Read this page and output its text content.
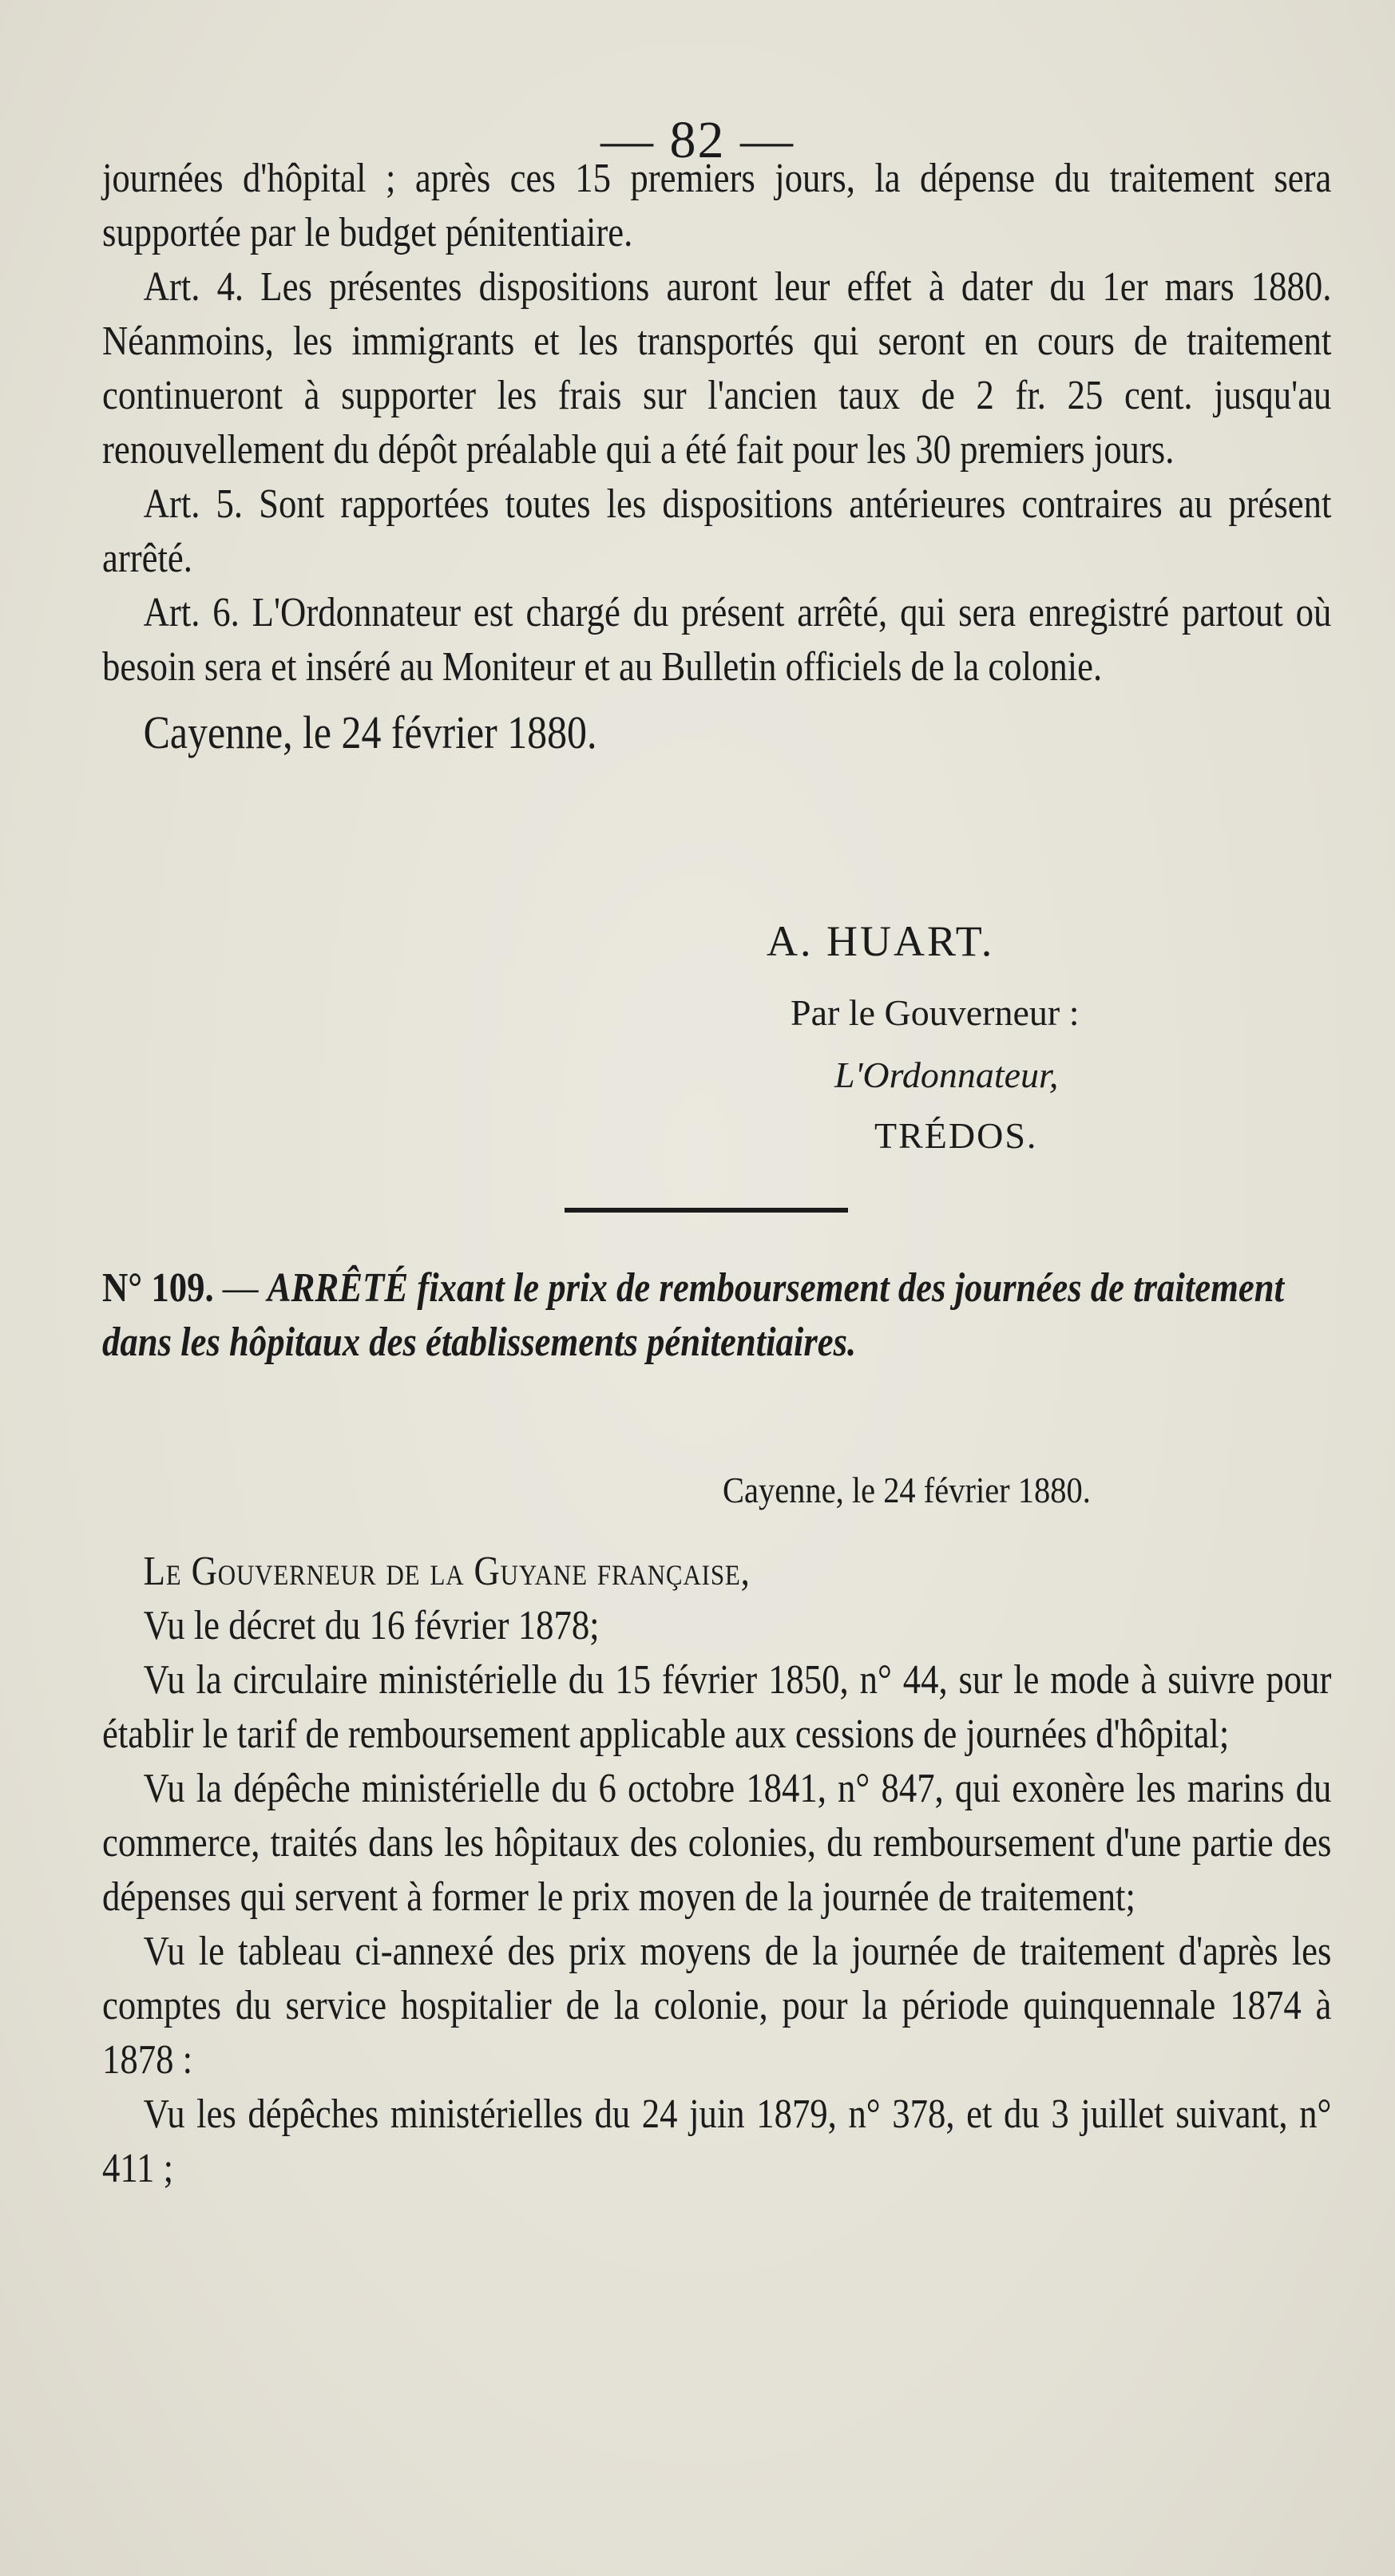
— 82 —

journées d'hôpital ; après ces 15 premiers jours, la dépense du traitement sera supportée par le budget pénitentiaire.

Art. 4. Les présentes dispositions auront leur effet à dater du 1er mars 1880. Néanmoins, les immigrants et les transportés qui seront en cours de traitement continueront à supporter les frais sur l'ancien taux de 2 fr. 25 cent. jusqu'au renouvellement du dépôt préalable qui a été fait pour les 30 premiers jours.

Art. 5. Sont rapportées toutes les dispositions antérieures contraires au présent arrêté.

Art. 6. L'Ordonnateur est chargé du présent arrêté, qui sera enregistré partout où besoin sera et inséré au Moniteur et au Bulletin officiels de la colonie.

Cayenne, le 24 février 1880.

A. HUART.
Par le Gouverneur :
L'Ordonnateur,
TRÉDOS.
N° 109. — ARRÊTÉ fixant le prix de remboursement des journées de traitement dans les hôpitaux des établissements pénitentiaires.
Cayenne, le 24 février 1880.

Le Gouverneur de la Guyane française,

Vu le décret du 16 février 1878;

Vu la circulaire ministérielle du 15 février 1850, n° 44, sur le mode à suivre pour établir le tarif de remboursement applicable aux cessions de journées d'hôpital;

Vu la dépêche ministérielle du 6 octobre 1841, n° 847, qui exonère les marins du commerce, traités dans les hôpitaux des colonies, du remboursement d'une partie des dépenses qui servent à former le prix moyen de la journée de traitement;

Vu le tableau ci-annexé des prix moyens de la journée de traitement d'après les comptes du service hospitalier de la colonie, pour la période quinquennale 1874 à 1878 :

Vu les dépêches ministérielles du 24 juin 1879, n° 378, et du 3 juillet suivant, n° 411 ;
